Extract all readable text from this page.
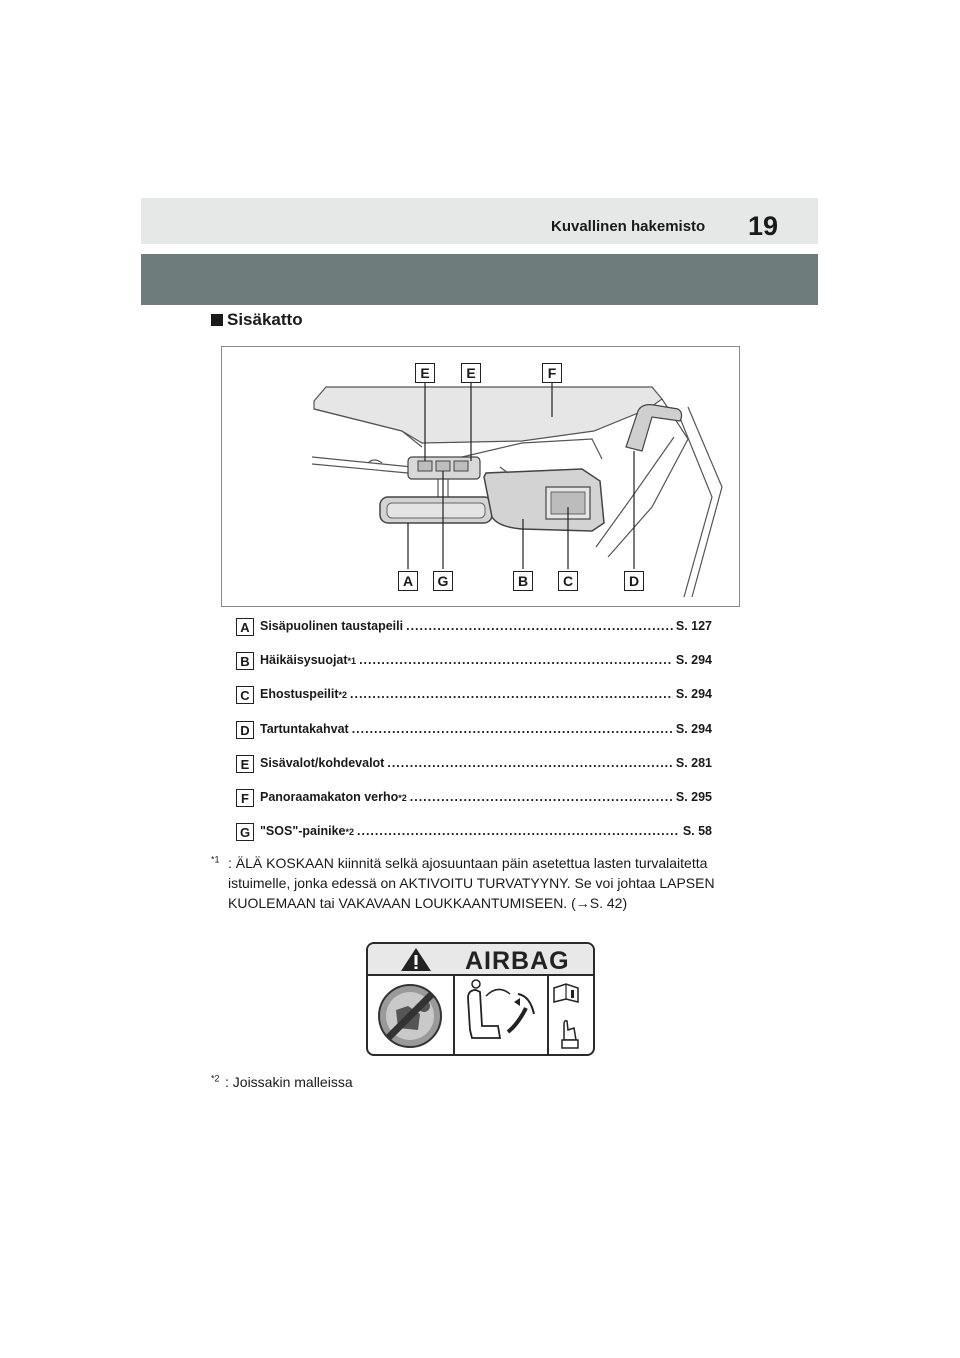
Kuvallinen hakemisto 19
Sisäkatto
E	E	F
A	G	B	C	D
A Sisäpuolinen taustapeili .....	S. 127
B Häikäisysuojat *1 .....	S. 294
C Ehostuspeilit *2 .....	S. 294
D Tartuntakahvat .....	S. 294
E Sisävalot/kohdevalot .....	S. 281
F Panoraamakaton verho *2 .....	S. 295
G "SOS"-painike *2 .....	S. 58
$^{*1}$ : ÄLÄ KOSKAAN kiinnitä selkä ajosuuntaan päin asetettua lasten turvalaitetta istuimelle, jonka edessä on AKTIVOITU TURVATYYNY. Se voi johtaa LAPSEN KUOLEMAAN tai VAKAVAAN LOUKKAANTUMISEEN. (→S. 42)
AIRBAG
$^{*2}$ : Joissakin malleissa
